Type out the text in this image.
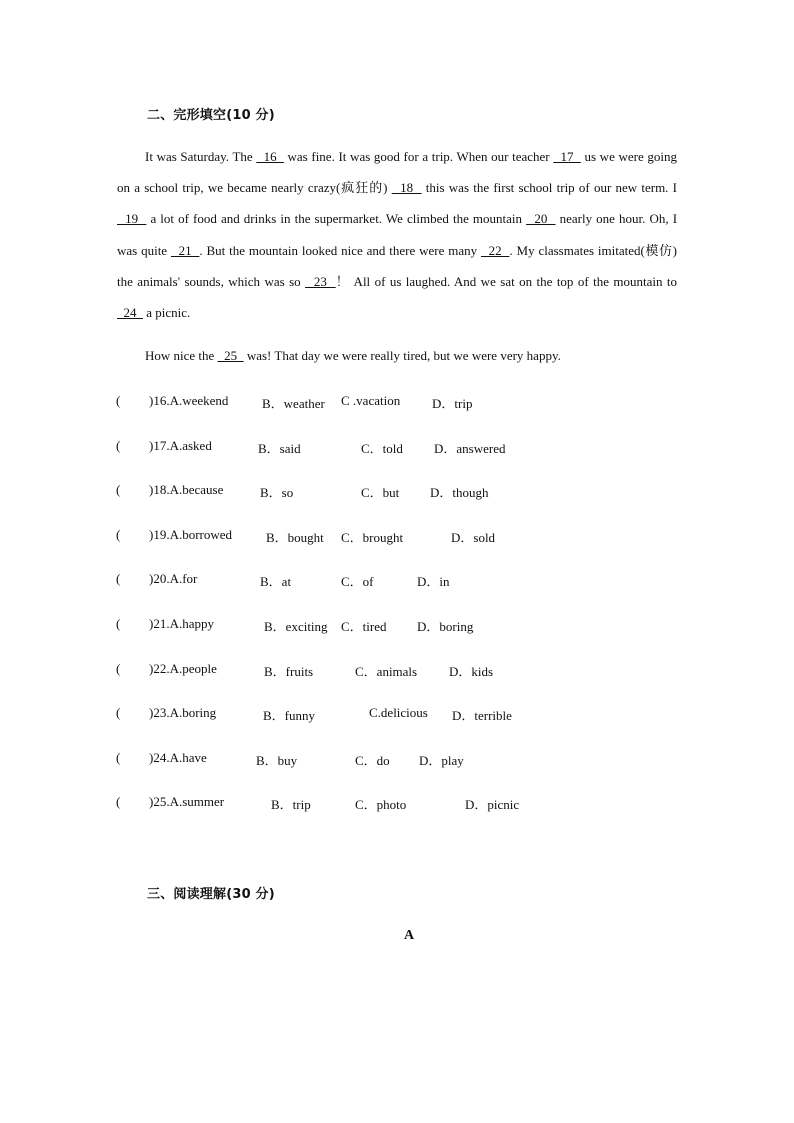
二、完形填空(10 分)
It was Saturday. The   16   was fine. It was good for a trip. When our teacher   17   us we were going on a school trip, we became nearly crazy(疯狂的)   18   this was the first school trip of our new term. I   19   a lot of food and drinks in the supermarket. We climbed the mountain   20   nearly one hour. Oh, I was quite   21  . But the mountain looked nice and there were many   22  . My classmates imitated(模仿) the animals' sounds, which was so   23  ！ All of us laughed. And we sat on the top of the mountain to   24   a picnic.
How nice the   25   was! That day we were really tired, but we were very happy.
( )16.A.weekend	B．weather C .vacation D．trip
( )17.A.asked	B．said	C．told D．answered
( )18.A.because	B．so	C．but D．though
( )19.A.borrowed	B．bought C．brought	D．sold
( )20.A.for	B．at	C．of	D．in
( )21.A.happy	B．exciting C．tired D．boring
( )22.A.people	B．fruits	C．animals D．kids
( )23.A.boring	B．funny	C.delicious D．terrible
( )24.A.have	B．buy	C．do D．play
( )25.A.summer	B．trip	C．photo	D．picnic
三、阅读理解(30 分)
A
